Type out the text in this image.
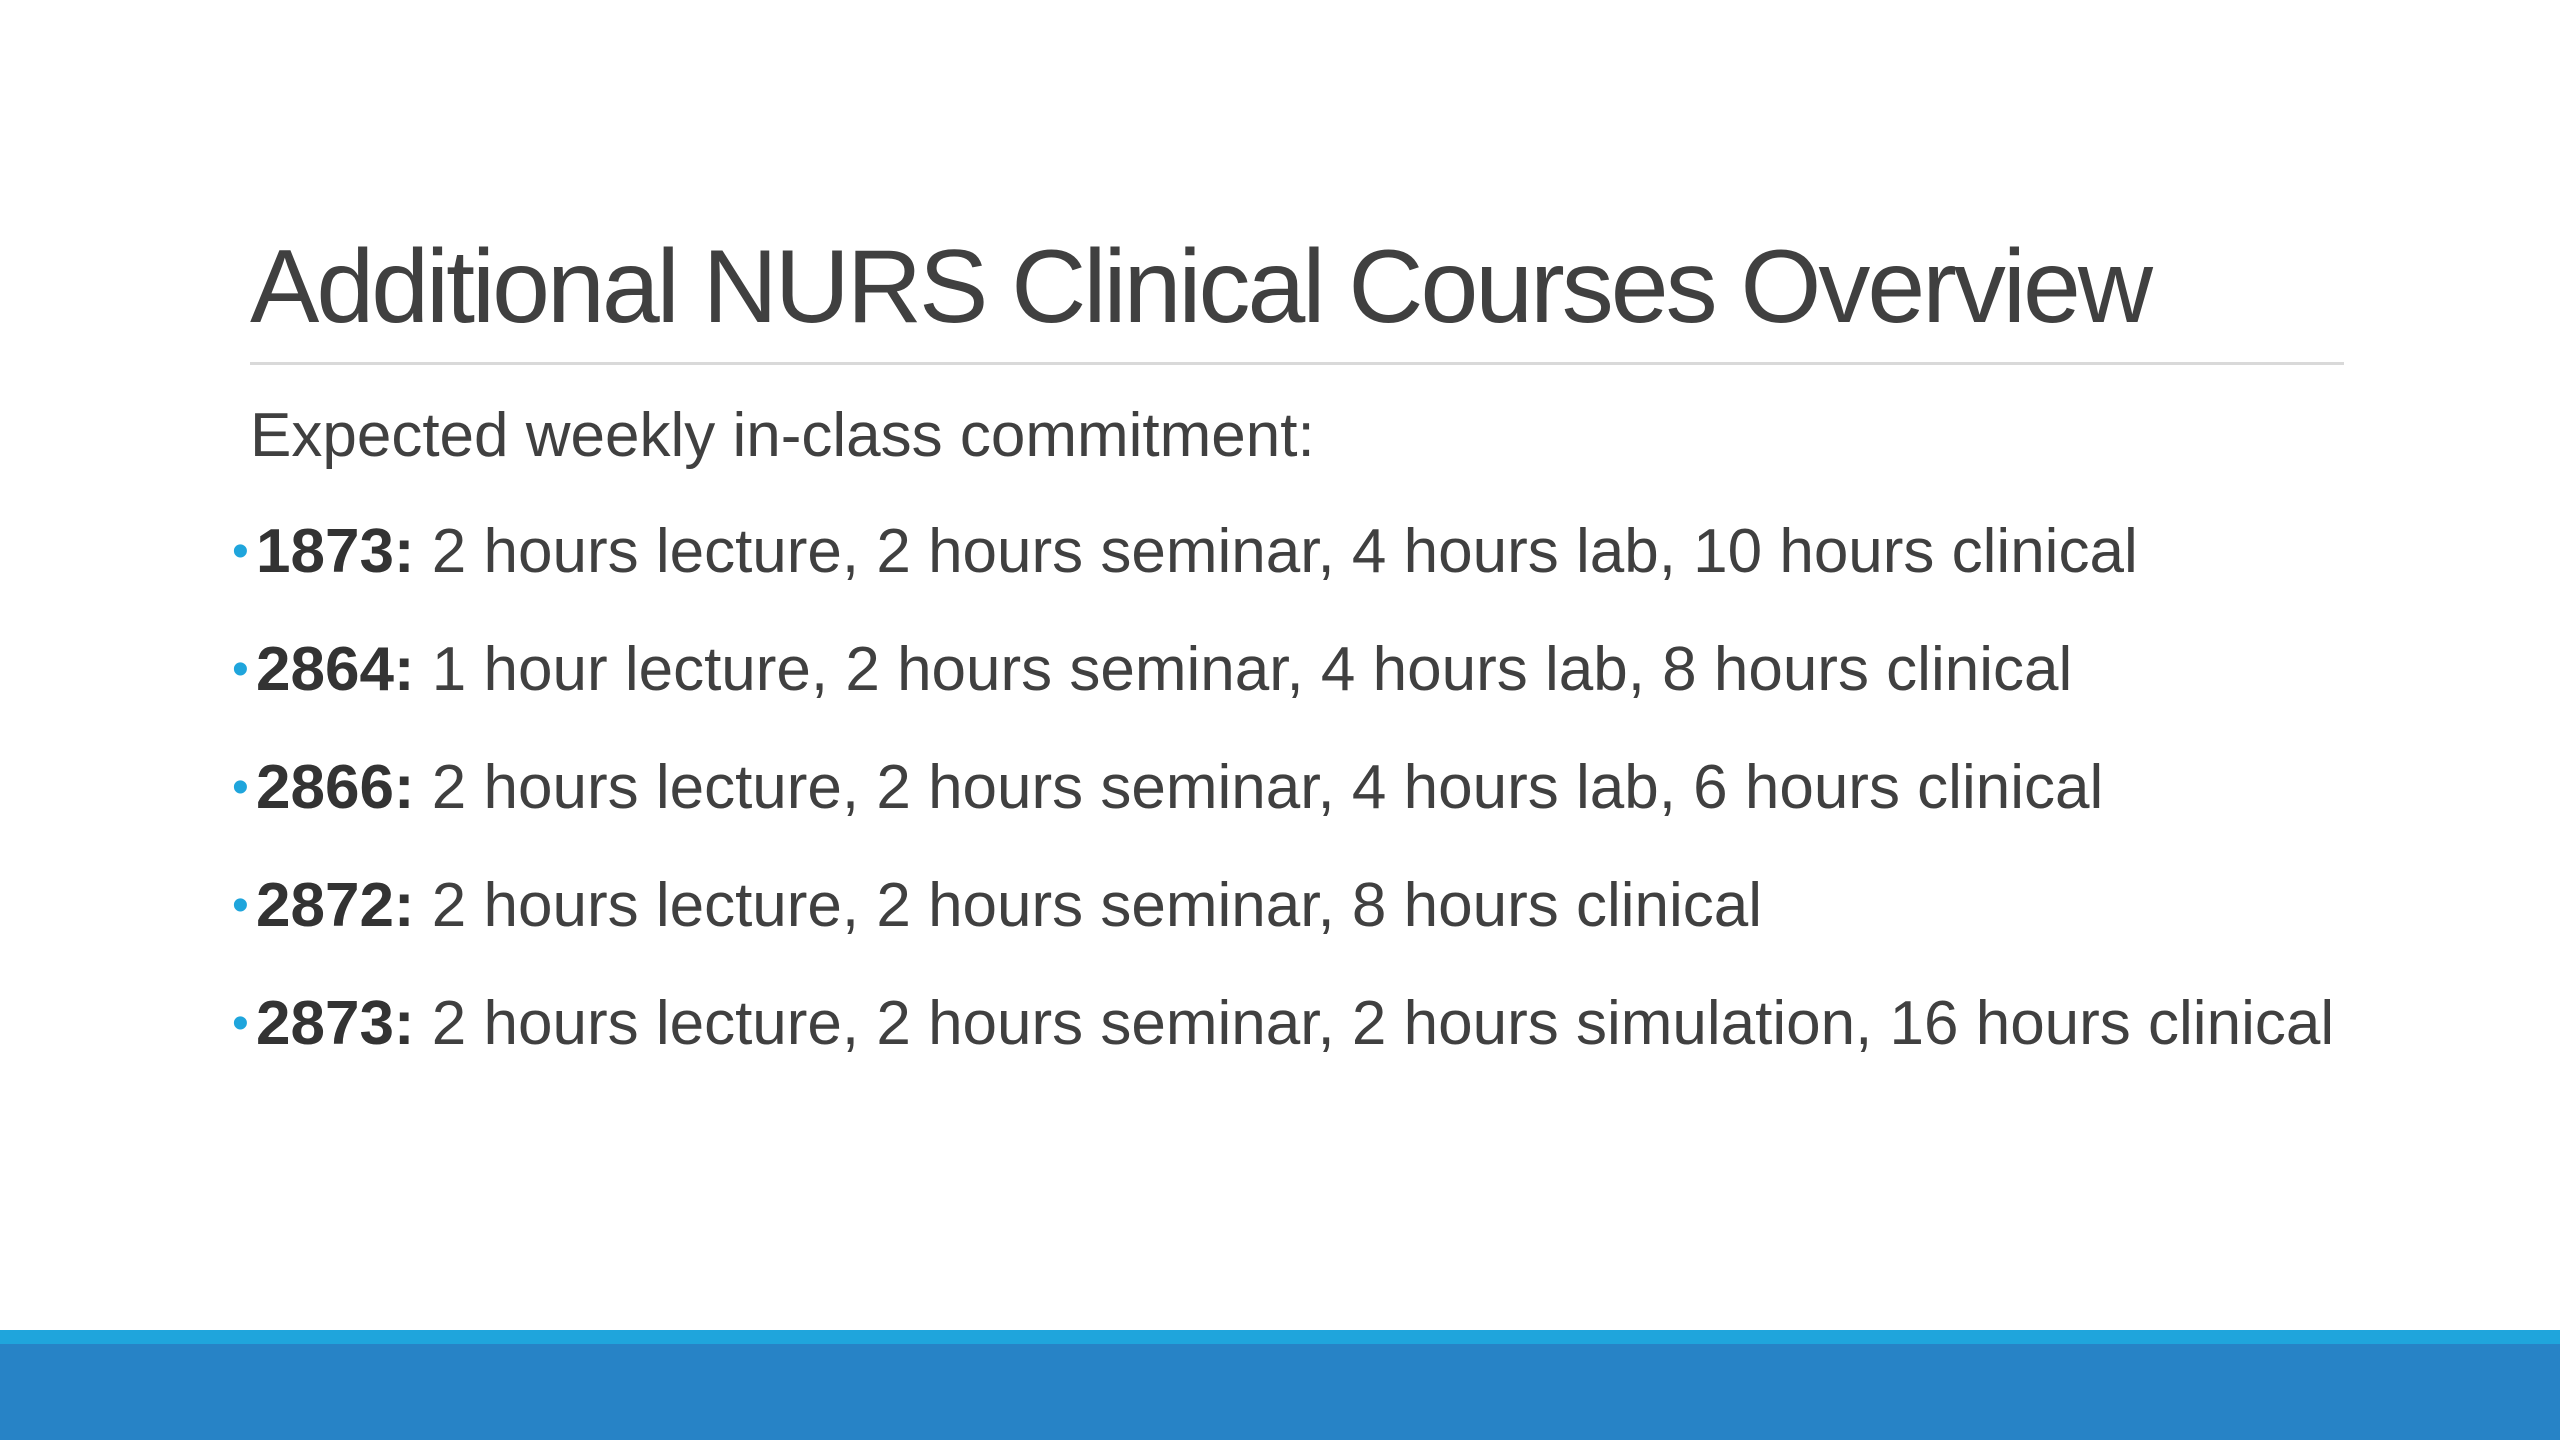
Additional NURS Clinical Courses Overview
Expected weekly in-class commitment:
• 1873: 2 hours lecture, 2 hours seminar, 4 hours lab, 10 hours clinical
• 2864: 1 hour lecture, 2 hours seminar, 4 hours lab, 8 hours clinical
• 2866: 2 hours lecture, 2 hours seminar, 4 hours lab, 6 hours clinical
• 2872: 2 hours lecture, 2 hours seminar, 8 hours clinical
• 2873: 2 hours lecture, 2 hours seminar, 2 hours simulation, 16 hours clinical
